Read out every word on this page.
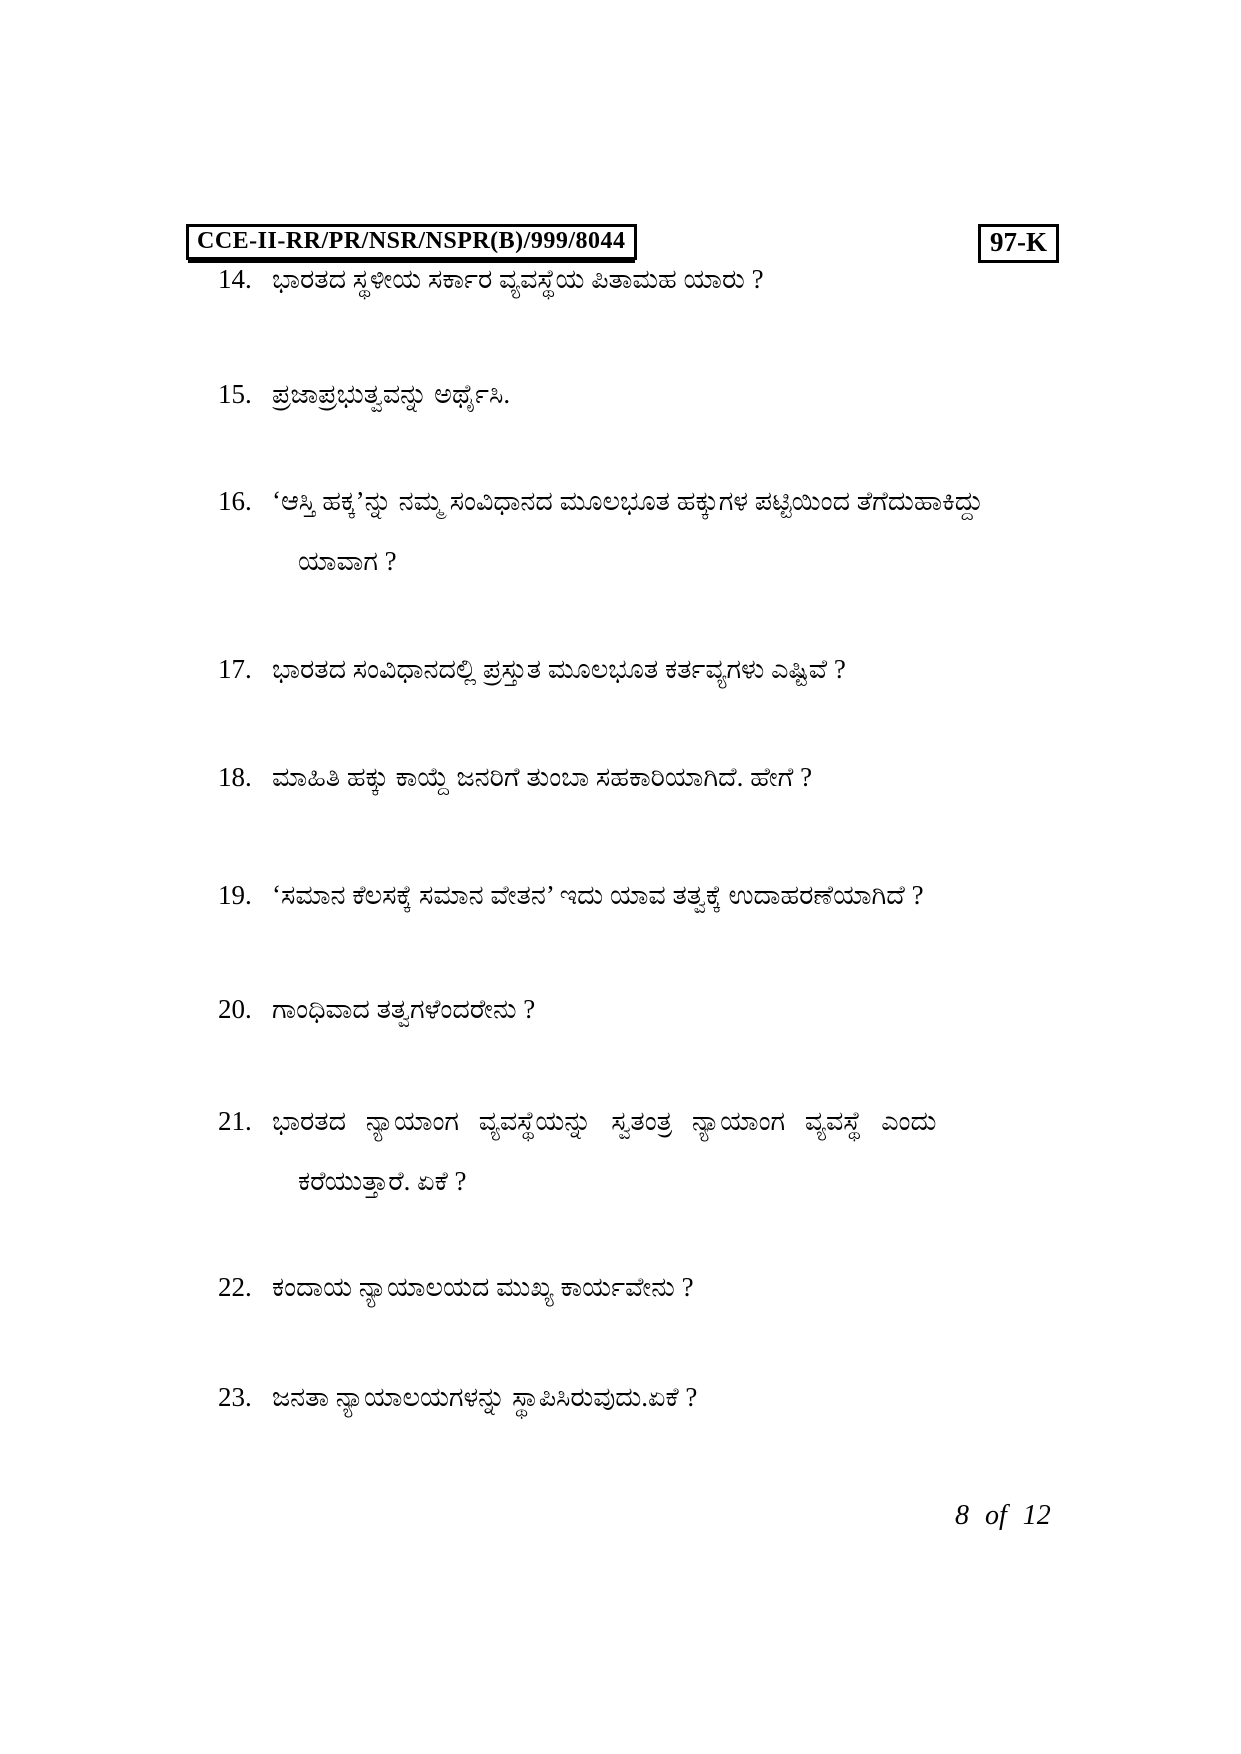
CCE-II-RR/PR/NSR/NSPR(B)/999/8044	97-K
14. ಭಾರತದ ಸ್ಥಳೀಯ ಸರ್ಕಾರ ವ್ಯವಸ್ಥೆಯ ಪಿತಾಮಹ ಯಾರು ?
15. ಪ್ರಜಾಪ್ರಭುತ್ವವನ್ನು ಅರ್ಥೈಸಿ.
16. ‘ಆಸ್ತಿ ಹಕ್ಕ’ನ್ನು ನಮ್ಮ ಸಂವಿಧಾನದ ಮೂಲಭೂತ ಹಕ್ಕುಗಳ ಪಟ್ಟಿಯಿಂದ ತೆಗೆದುಹಾಕಿದ್ದು
ಯಾವಾಗ ?
17. ಭಾರತದ ಸಂವಿಧಾನದಲ್ಲಿ ಪ್ರಸ್ತುತ ಮೂಲಭೂತ ಕರ್ತವ್ಯಗಳು ಎಷ್ಟಿವೆ ?
18. ಮಾಹಿತಿ ಹಕ್ಕು ಕಾಯ್ದೆ ಜನರಿಗೆ ತುಂಬಾ ಸಹಕಾರಿಯಾಗಿದೆ. ಹೇಗೆ ?
19. ‘ಸಮಾನ ಕೆಲಸಕ್ಕೆ ಸಮಾನ ವೇತನ’ ಇದು ಯಾವ ತತ್ವಕ್ಕೆ ಉದಾಹರಣೆಯಾಗಿದೆ ?
20. ಗಾಂಧಿವಾದ ತತ್ವಗಳೆಂದರೇನು ?
21. ಭಾರತದ ನ್ಯಾಯಾಂಗ ವ್ಯವಸ್ಥೆಯನ್ನು ಸ್ವತಂತ್ರ ನ್ಯಾಯಾಂಗ ವ್ಯವಸ್ಥೆ ಎಂದು
ಕರೆಯುತ್ತಾರೆ. ಏಕೆ ?
22. ಕಂದಾಯ ನ್ಯಾಯಾಲಯದ ಮುಖ್ಯ ಕಾರ್ಯವೇನು ?
23. ಜನತಾ ನ್ಯಾಯಾಲಯಗಳನ್ನು ಸ್ಥಾಪಿಸಿರುವುದು.ಏಕೆ ?
8 of 12
